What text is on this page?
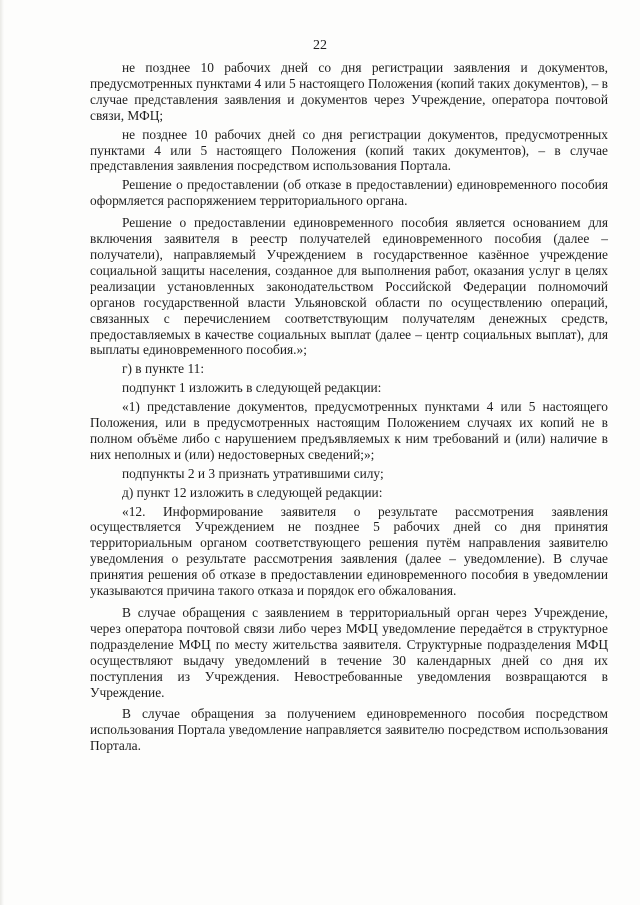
22

не позднее 10 рабочих дней со дня регистрации заявления и документов, предусмотренных пунктами 4 или 5 настоящего Положения (копий таких документов), – в случае представления заявления и документов через Учреждение, оператора почтовой связи, МФЦ;

не позднее 10 рабочих дней со дня регистрации документов, предусмотренных пунктами 4 или 5 настоящего Положения (копий таких документов), – в случае представления заявления посредством использования Портала.

Решение о предоставлении (об отказе в предоставлении) единовременного пособия оформляется распоряжением территориального органа.

Решение о предоставлении единовременного пособия является основанием для включения заявителя в реестр получателей единовременного пособия (далее – получатели), направляемый Учреждением в государственное казённое учреждение социальной защиты населения, созданное для выполнения работ, оказания услуг в целях реализации установленных законодательством Российской Федерации полномочий органов государственной власти Ульяновской области по осуществлению операций, связанных с перечислением соответствующим получателям денежных средств, предоставляемых в качестве социальных выплат (далее – центр социальных выплат), для выплаты единовременного пособия.»;

г) в пункте 11:

подпункт 1 изложить в следующей редакции:

«1) представление документов, предусмотренных пунктами 4 или 5 настоящего Положения, или в предусмотренных настоящим Положением случаях их копий не в полном объёме либо с нарушением предъявляемых к ним требований и (или) наличие в них неполных и (или) недостоверных сведений;»;

подпункты 2 и 3 признать утратившими силу;

д) пункт 12 изложить в следующей редакции:

«12. Информирование заявителя о результате рассмотрения заявления осуществляется Учреждением не позднее 5 рабочих дней со дня принятия территориальным органом соответствующего решения путём направления заявителю уведомления о результате рассмотрения заявления (далее – уведомление). В случае принятия решения об отказе в предоставлении единовременного пособия в уведомлении указываются причина такого отказа и порядок его обжалования.

В случае обращения с заявлением в территориальный орган через Учреждение, через оператора почтовой связи либо через МФЦ уведомление передаётся в структурное подразделение МФЦ по месту жительства заявителя. Структурные подразделения МФЦ осуществляют выдачу уведомлений в течение 30 календарных дней со дня их поступления из Учреждения. Невостребованные уведомления возвращаются в Учреждение.

В случае обращения за получением единовременного пособия посредством использования Портала уведомление направляется заявителю посредством использования Портала.
